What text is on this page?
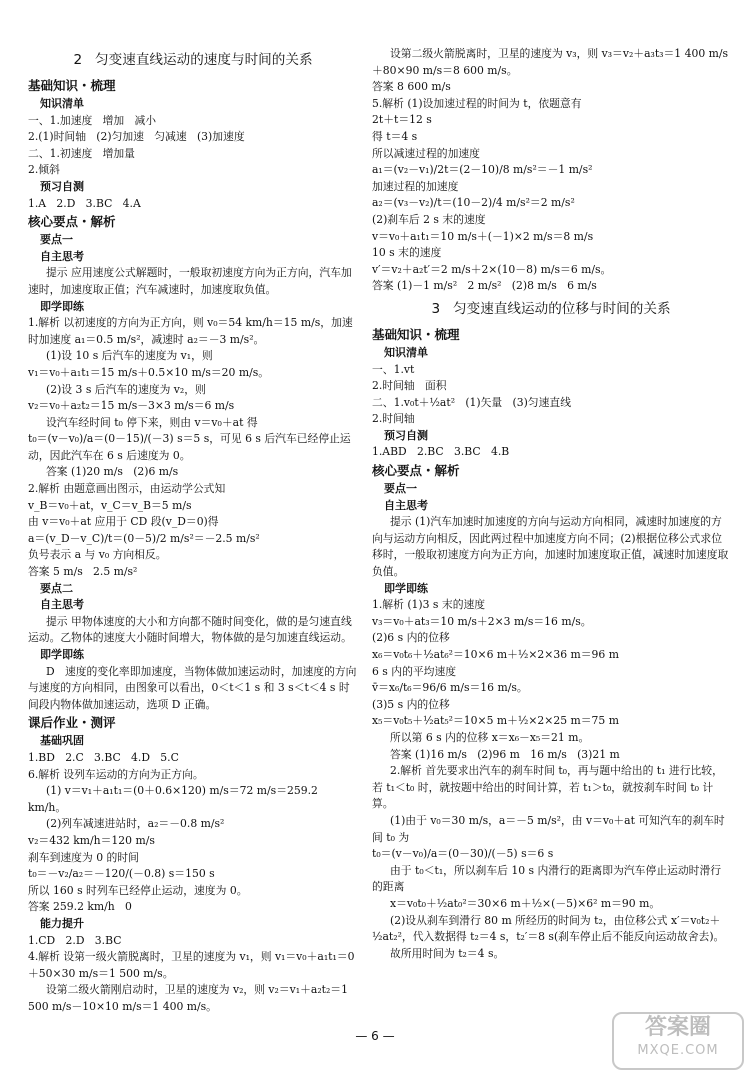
2   匀变速直线运动的速度与时间的关系
基础知识・梳理
知识清单
一、1.加速度   增加   减小
2.(1)时间轴   (2)匀加速   匀减速   (3)加速度
二、1.初速度   增加量
2.倾斜
预习自测
1.A   2.D   3.BC   4.A
核心要点・解析
要点一
自主思考
提示 应用速度公式解题时，一般取初速度方向为正方向，汽车加速时，加速度取正值；汽车减速时，加速度取负值。
即学即练
1.解析 以初速度的方向为正方向，则 v₀＝54 km/h＝15 m/s，加速时加速度 a₁＝0.5 m/s²，减速时 a₂＝－3 m/s²。
(1)设 10 s 后汽车的速度为 v₁，则
v₁＝v₀＋a₁t₁＝15 m/s＋0.5×10 m/s＝20 m/s。
(2)设 3 s 后汽车的速度为 v₂，则
v₂＝v₀＋a₂t₂＝15 m/s－3×3 m/s＝6 m/s
设汽车经时间 t₀ 停下来，则由 v＝v₀＋at 得
t₀＝(v－v₀)/a＝(0－15)/(－3) s＝5 s，可见 6 s 后汽车已经停止运动，因此汽车在 6 s 后速度为 0。
答案 (1)20 m/s   (2)6 m/s
2.解析 由题意画出图示，由运动学公式知
v_B＝v₀＋at，v_C＝v_B＝5 m/s
由 v＝v₀＋at 应用于 CD 段(v_D＝0)得
a＝(v_D－v_C)/t＝(0－5)/2 m/s²＝－2.5 m/s²
负号表示 a 与 v₀ 方向相反。
答案 5 m/s   2.5 m/s²
要点二
自主思考
提示 甲物体速度的大小和方向都不随时间变化，做的是匀速直线运动。乙物体的速度大小随时间增大，物体做的是匀加速直线运动。
即学即练
D   速度的变化率即加速度，当物体做加速运动时，加速度的方向与速度的方向相同，由图象可以看出，0＜t＜1 s 和 3 s＜t＜4 s 时间段内物体做加速运动，选项 D 正确。
课后作业・测评
基础巩固
1.BD   2.C   3.BC   4.D   5.C
6.解析 设列车运动的方向为正方向。
(1) v＝v₁＋a₁t₁＝(0＋0.6×120) m/s＝72 m/s＝259.2 km/h。
(2)列车减速进站时，a₂＝－0.8 m/s²
v₂＝432 km/h＝120 m/s
刹车到速度为 0 的时间
t₀＝－v₂/a₂＝－120/(－0.8) s＝150 s
所以 160 s 时列车已经停止运动，速度为 0。
答案 259.2 km/h   0
能力提升
1.CD   2.D   3.BC
4.解析 设第一级火箭脱离时，卫星的速度为 v₁，则 v₁＝v₀＋a₁t₁＝0＋50×30 m/s＝1 500 m/s。
设第二级火箭刚启动时，卫星的速度为 v₂，则 v₂＝v₁＋a₂t₂＝1 500 m/s－10×10 m/s＝1 400 m/s。
设第二级火箭脱离时，卫星的速度为 v₃，则 v₃＝v₂＋a₃t₃＝1 400 m/s＋80×90 m/s＝8 600 m/s。
答案 8 600 m/s
5.解析 (1)设加速过程的时间为 t，依题意有
2t＋t＝12 s
得 t＝4 s
所以减速过程的加速度
a₁＝(v₂－v₁)/2t＝(2－10)/8 m/s²＝－1 m/s²
加速过程的加速度
a₂＝(v₃－v₂)/t＝(10－2)/4 m/s²＝2 m/s²
(2)刹车后 2 s 末的速度
v＝v₀＋a₁t₁＝10 m/s＋(－1)×2 m/s＝8 m/s
10 s 末的速度
v′＝v₂＋a₂t′＝2 m/s＋2×(10－8) m/s＝6 m/s。
答案 (1)－1 m/s²   2 m/s²   (2)8 m/s   6 m/s
3   匀变速直线运动的位移与时间的关系
基础知识・梳理
知识清单
一、1.vt
2.时间轴   面积
二、1.v₀t＋½at²   (1)矢量   (3)匀速直线
2.时间轴
预习自测
1.ABD   2.BC   3.BC   4.B
核心要点・解析
要点一
自主思考
提示 (1)汽车加速时加速度的方向与运动方向相同，减速时加速度的方向与运动方向相反，因此两过程中加速度方向不同；(2)根据位移公式求位移时，一般取初速度方向为正方向，加速时加速度取正值，减速时加速度取负值。
即学即练
1.解析 (1)3 s 末的速度
v₃＝v₀＋at₃＝10 m/s＋2×3 m/s＝16 m/s。
(2)6 s 内的位移
x₆＝v₀t₆＋½at₆²＝10×6 m＋½×2×36 m＝96 m
6 s 内的平均速度
v̄＝x₆/t₆＝96/6 m/s＝16 m/s。
(3)5 s 内的位移
x₅＝v₀t₅＋½at₅²＝10×5 m＋½×2×25 m＝75 m
所以第 6 s 内的位移 x＝x₆－x₅＝21 m。
答案 (1)16 m/s   (2)96 m   16 m/s   (3)21 m
2.解析 首先要求出汽车的刹车时间 t₀，再与题中给出的 t₁ 进行比较，若 t₁＜t₀ 时，就按题中给出的时间计算，若 t₁＞t₀，就按刹车时间 t₀ 计算。
(1)由于 v₀＝30 m/s，a＝－5 m/s²，由 v＝v₀＋at 可知汽车的刹车时间 t₀ 为
t₀＝(v－v₀)/a＝(0－30)/(－5) s＝6 s
由于 t₀＜t₁，所以刹车后 10 s 内滑行的距离即为汽车停止运动时滑行的距离
x＝v₀t₀＋½at₀²＝30×6 m＋½×(－5)×6² m＝90 m。
(2)设从刹车到滑行 80 m 所经历的时间为 t₂，由位移公式 x′＝v₀t₂＋½at₂²，代入数据得 t₂＝4 s，t₂′＝8 s(刹车停止后不能反向运动故舍去)。
故所用时间为 t₂＝4 s。
— 6 —	答案圈
MXQE.COM
